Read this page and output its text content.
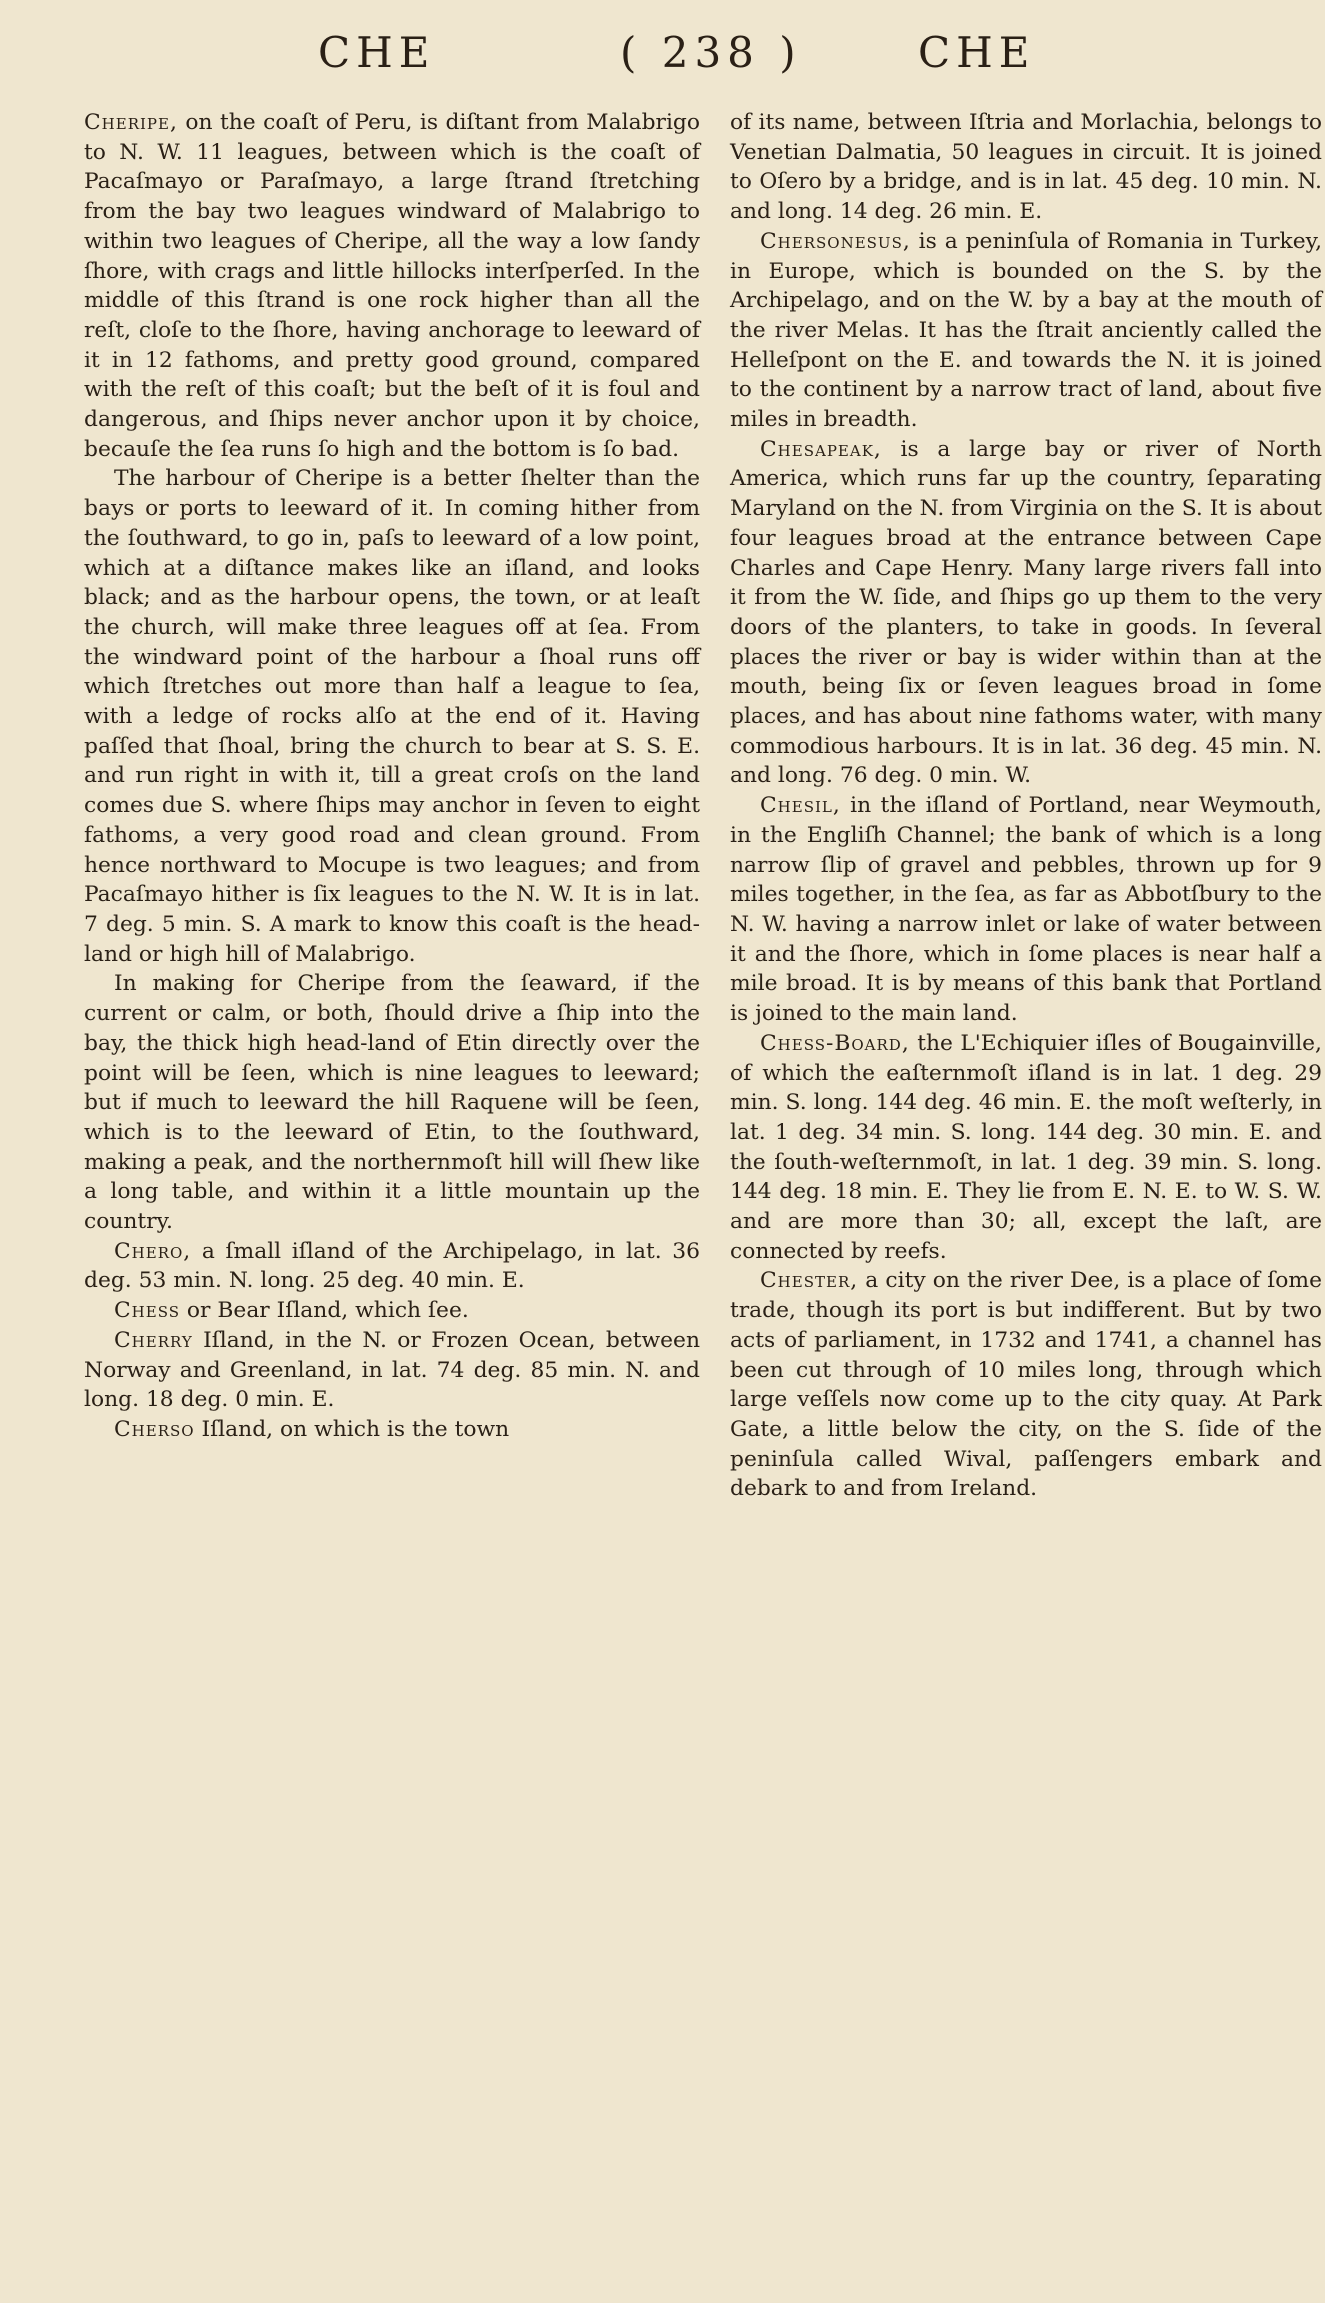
CHE	( 238 )	CHE

Cheripe, on the coaſt of Peru, is diſtant from Malabrigo to N. W. 11 leagues, between which is the coaſt of Pacaſmayo or Paraſmayo, a large ſtrand ſtretching from the bay two leagues windward of Malabrigo to within two leagues of Cheripe, all the way a low ſandy ſhore, with crags and little hillocks interſperſed. In the middle of this ſtrand is one rock higher than all the reſt, cloſe to the ſhore, having anchorage to leeward of it in 12 fathoms, and pretty good ground, compared with the reſt of this coaſt; but the beſt of it is foul and dangerous, and ſhips never anchor upon it by choice, becauſe the ſea runs ſo high and the bottom is ſo bad.

The harbour of Cheripe is a better ſhelter than the bays or ports to leeward of it. In coming hither from the ſouthward, to go in, paſs to leeward of a low point, which at a diſtance makes like an iſland, and looks black; and as the harbour opens, the town, or at leaſt the church, will make three leagues off at ſea. From the windward point of the harbour a ſhoal runs off which ſtretches out more than half a league to ſea, with a ledge of rocks alſo at the end of it. Having paſſed that ſhoal, bring the church to bear at S. S. E. and run right in with it, till a great croſs on the land comes due S. where ſhips may anchor in ſeven to eight fathoms, a very good road and clean ground. From hence northward to Mocupe is two leagues; and from Pacaſmayo hither is ſix leagues to the N. W. It is in lat. 7 deg. 5 min. S. A mark to know this coaſt is the head-land or high hill of Malabrigo.

In making for Cheripe from the ſeaward, if the current or calm, or both, ſhould drive a ſhip into the bay, the thick high head-land of Etin directly over the point will be ſeen, which is nine leagues to leeward; but if much to leeward the hill Raquene will be ſeen, which is to the leeward of Etin, to the ſouthward, making a peak, and the northernmoſt hill will ſhew like a long table, and within it a little mountain up the country.

Chero, a ſmall iſland of the Archipelago, in lat. 36 deg. 53 min. N. long. 25 deg. 40 min. E.

Chess or Bear Iſland, which ſee.

Cherry Iſland, in the N. or Frozen Ocean, between Norway and Greenland, in lat. 74 deg. 85 min. N. and long. 18 deg. 0 min. E.

Cherso Iſland, on which is the town

of its name, between Iſtria and Morlachia, belongs to Venetian Dalmatia, 50 leagues in circuit. It is joined to Oſero by a bridge, and is in lat. 45 deg. 10 min. N. and long. 14 deg. 26 min. E.

Chersonesus, is a peninſula of Romania in Turkey, in Europe, which is bounded on the S. by the Archipelago, and on the W. by a bay at the mouth of the river Melas. It has the ſtrait anciently called the Helleſpont on the E. and towards the N. it is joined to the continent by a narrow tract of land, about five miles in breadth.

Chesapeak, is a large bay or river of North America, which runs far up the country, ſeparating Maryland on the N. from Virginia on the S. It is about four leagues broad at the entrance between Cape Charles and Cape Henry. Many large rivers fall into it from the W. ſide, and ſhips go up them to the very doors of the planters, to take in goods. In ſeveral places the river or bay is wider within than at the mouth, being ſix or ſeven leagues broad in ſome places, and has about nine fathoms water, with many commodious harbours. It is in lat. 36 deg. 45 min. N. and long. 76 deg. 0 min. W.

Chesil, in the iſland of Portland, near Weymouth, in the Engliſh Channel; the bank of which is a long narrow ſlip of gravel and pebbles, thrown up for 9 miles together, in the ſea, as far as Abbotſbury to the N. W. having a narrow inlet or lake of water between it and the ſhore, which in ſome places is near half a mile broad. It is by means of this bank that Portland is joined to the main land.

Chess-Board, the L'Echiquier iſles of Bougainville, of which the eaſternmoſt iſland is in lat. 1 deg. 29 min. S. long. 144 deg. 46 min. E. the moſt weſterly, in lat. 1 deg. 34 min. S. long. 144 deg. 30 min. E. and the ſouth-weſternmoſt, in lat. 1 deg. 39 min. S. long. 144 deg. 18 min. E. They lie from E. N. E. to W. S. W. and are more than 30; all, except the laſt, are connected by reefs.

Chester, a city on the river Dee, is a place of ſome trade, though its port is but indifferent. But by two acts of parliament, in 1732 and 1741, a channel has been cut through of 10 miles long, through which large veſſels now come up to the city quay. At Park Gate, a little below the city, on the S. ſide of the peninſula called Wival, paſſengers embark and debark to and from Ireland.
